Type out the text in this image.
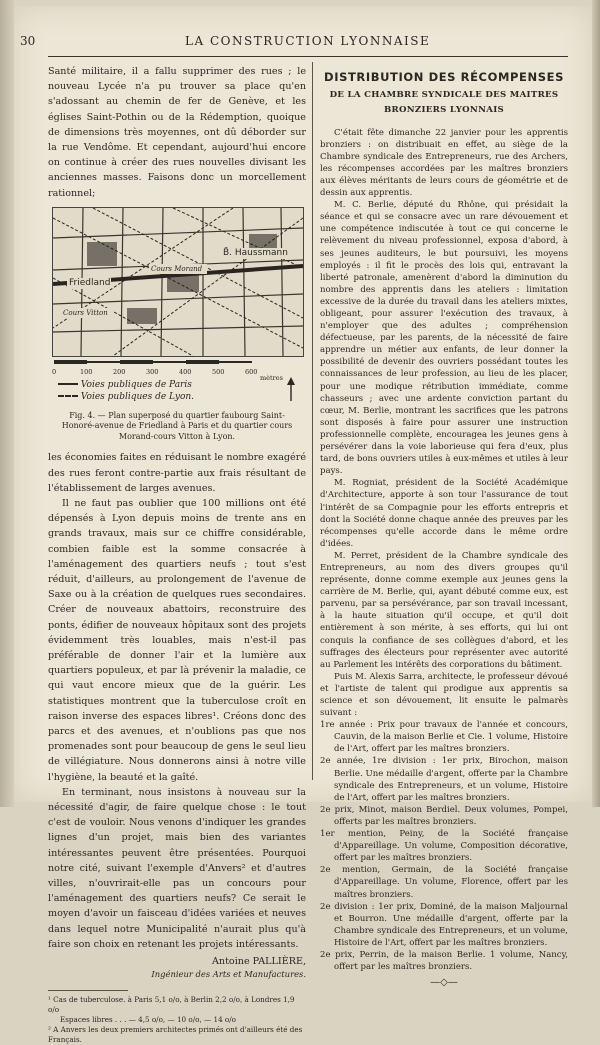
30	LA CONSTRUCTION LYONNAISE

Santé militaire, il a fallu supprimer des rues ; le nouveau Lycée n'a pu trouver sa place qu'en s'adossant au chemin de fer de Genève, et les églises Saint-Pothin ou de la Rédemption, quoique de dimensions très moyennes, ont dû déborder sur la rue Vendôme. Et cependant, aujourd'hui encore on continue à créer des rues nouvelles divisant les anciennes masses. Faisons donc un morcellement rationnel;

Friedland
B̆. Haussmann
Cours Morand
Cours Vitton
0	100	200	300	400	500	600
mètres
Voies publiques de Paris
Voies publiques de Lyon.

Fig. 4. — Plan superposé du quartier faubourg Saint-Honoré-avenue de Friedland à Paris et du quartier cours Morand-cours Vitton à Lyon.

les économies faites en réduisant le nombre exagéré des rues feront contre-partie aux frais résultant de l'établissement de larges avenues.

Il ne faut pas oublier que 100 millions ont été dépensés à Lyon depuis moins de trente ans en grands travaux, mais sur ce chiffre considérable, combien faible est la somme consacrée à l'aménagement des quartiers neufs ; tout s'est réduit, d'ailleurs, au prolongement de l'avenue de Saxe ou à la création de quelques rues secondaires. Créer de nouveaux abattoirs, reconstruire des ponts, édifier de nouveaux hôpitaux sont des projets évidemment très louables, mais n'est-il pas préférable de donner l'air et la lumière aux quartiers populeux, et par là prévenir la maladie, ce qui vaut encore mieux que de la guérir. Les statistiques montrent que la tuberculose croît en raison inverse des espaces libres¹. Créons donc des parcs et des avenues, et n'oublions pas que nos promenades sont pour beaucoup de gens le seul lieu de villégiature. Nous donnerons ainsi à notre ville l'hygiène, la beauté et la gaîté.

En terminant, nous insistons à nouveau sur la nécessité d'agir, de faire quelque chose : le tout c'est de vouloir. Nous venons d'indiquer les grandes lignes d'un projet, mais bien des variantes intéressantes peuvent être présentées. Pourquoi notre cité, suivant l'exemple d'Anvers² et d'autres villes, n'ouvrirait-elle pas un concours pour l'aménagement des quartiers neufs? Ce serait le moyen d'avoir un faisceau d'idées variées et neuves dans lequel notre Municipalité n'aurait plus qu'à faire son choix en retenant les projets intéressants.

Antoine PALLIÈRE,

Ingénieur des Arts et Manufactures.

¹ Cas de tuberculose. à Paris 5,1 o/o, à Berlin 2,2 o/o, à Londres 1,9 o/o

Espaces libres . . . — 4,5 o/o, — 10 o/o, — 14 o/o

² A Anvers les deux premiers architectes primés ont d'ailleurs été des Français.

DISTRIBUTION DES RÉCOMPENSES
DE LA CHAMBRE SYNDICALE DES MAITRES BRONZIERS LYONNAIS

C'était fête dimanche 22 janvier pour les apprentis bronziers : on distribuait en effet, au siège de la Chambre syndicale des Entrepreneurs, rue des Archers, les récompenses accordées par les maîtres bronziers aux élèves méritants de leurs cours de géométrie et de dessin aux apprentis.

M. C. Berlie, député du Rhône, qui présidait la séance et qui se consacre avec un rare dévouement et une compétence indiscutée à tout ce qui concerne le relèvement du niveau professionnel, exposa d'abord, à ses jeunes auditeurs, le but poursuivi, les moyens employés : il fit le procès des lois qui, entravant la liberté patronale, amenèrent d'abord la diminution du nombre des apprentis dans les ateliers : limitation excessive de la durée du travail dans les ateliers mixtes, obligeant, pour assurer l'exécution des travaux, à n'employer que des adultes ; compréhension défectueuse, par les parents, de la nécessité de faire apprendre un métier aux enfants, de leur donner la possibilité de devenir des ouvriers possédant toutes les connaissances de leur profession, au lieu de les placer, pour une modique rétribution immédiate, comme chasseurs ; avec une ardente conviction partant du cœur, M. Berlie, montrant les sacrifices que les patrons sont disposés à faire pour assurer une instruction professionnelle complète, encouragea les jeunes gens à persévérer dans la voie laborieuse qui fera d'eux, plus tard, de bons ouvriers utiles à eux-mêmes et utiles à leur pays.

M. Rogniat, président de la Société Académique d'Architecture, apporte à son tour l'assurance de tout l'intérêt de sa Compagnie pour les efforts entrepris et dont la Société donne chaque année des preuves par les récompenses qu'elle accorde dans le même ordre d'idées.

M. Perret, président de la Chambre syndicale des Entrepreneurs, au nom des divers groupes qu'il représente, donne comme exemple aux jeunes gens la carrière de M. Berlie, qui, ayant débuté comme eux, est parvenu, par sa persévérance, par son travail incessant, à la haute situation qu'il occupe, et qu'il doit entièrement à son mérite, à ses efforts, qui lui ont conquis la confiance de ses collègues d'abord, et les suffrages des électeurs pour représenter avec autorité au Parlement les intérêts des corporations du bâtiment.

Puis M. Alexis Sarra, architecte, le professeur dévoué et l'artiste de talent qui prodigue aux apprentis sa science et son dévouement, lit ensuite le palmarès suivant :

1re année : Prix pour travaux de l'année et concours, Cauvin, de la maison Berlie et Cie. 1 volume, Histoire de l'Art, offert par les maîtres bronziers.

2e année, 1re division : 1er prix, Birochon, maison Berlie. Une médaille d'argent, offerte par la Chambre syndicale des Entrepreneurs, et un volume, Histoire de l'Art, offert par les maîtres bronziers.

2e prix, Minot, maison Berdiel. Deux volumes, Pompei, offerts par les maîtres bronziers.

1er mention, Peiny, de la Société française d'Appareillage. Un volume, Composition décorative, offert par les maîtres bronziers.

2e mention, Germain, de la Société française d'Appareillage. Un volume, Florence, offert par les maîtres bronziers.

2e division : 1er prix, Dominé, de la maison Maljournal et Bourron. Une médaille d'argent, offerte par la Chambre syndicale des Entrepreneurs, et un volume, Histoire de l'Art, offert par les maîtres bronziers.

2e prix, Perrin, de la maison Berlie. 1 volume, Nancy, offert par les maîtres bronziers.

—◇—
